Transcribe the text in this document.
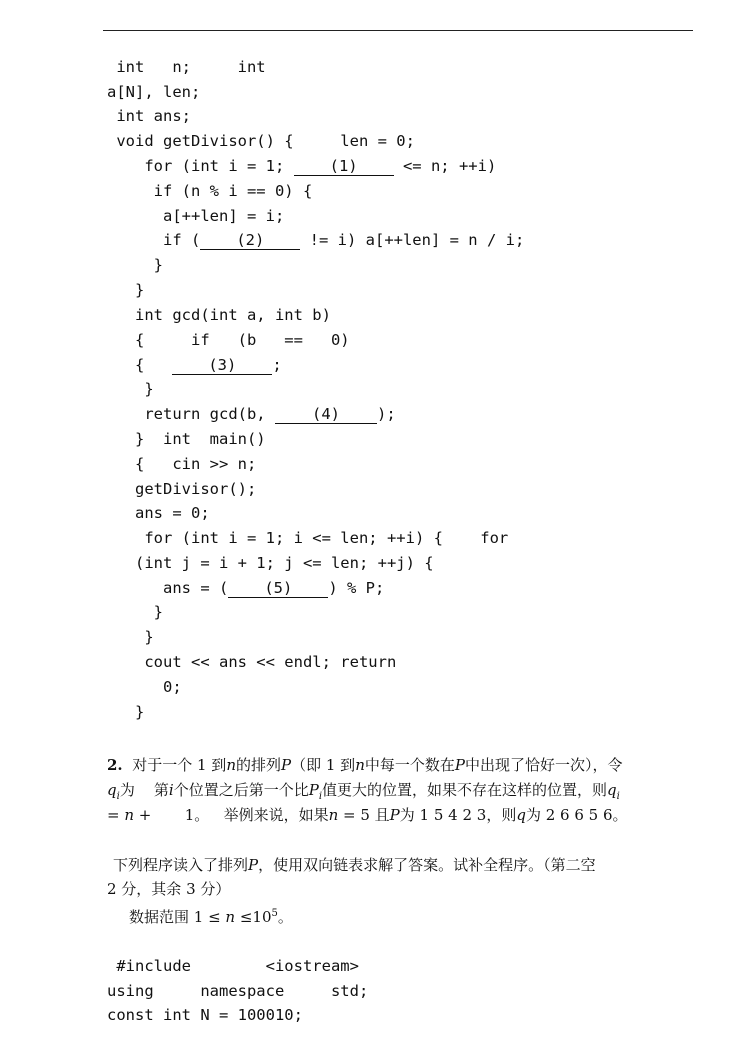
int   n;     int
a[N], len;
int ans;
void getDivisor() {     len = 0;
for (int i = 1; (1) <= n; ++i)
if (n % i == 0) {
a[++len] = i;
if ( (2) != i) a[++len] = n / i;
}
}
int gcd(int a, int b)
{     if   (b   ==   0)
{   (3) ;
}
return gcd(b, (4) );
}  int  main()
{   cin >> n;
getDivisor();
ans = 0;
for (int i = 1; i <= len; ++i) {    for
(int j = i + 1; j <= len; ++j) {
ans = ( (5) ) % P;
}
}
cout << ans << endl; return
0;
}
2. 对于一个 1 到n的排列P（即 1 到n中每一个数在P中出现了恰好一次），令
$q_i$为    第i个位置之后第一个比$P_i$值更大的位置，如果不存在这样的位置，则$q_i$
= n +       1。   举例来说，如果n = 5 且P为 1 5 4 2 3，则q为 2 6 6 5 6。
下列程序读入了排列P，使用双向链表求解了答案。试补全程序。（第二空
2 分，其余 3 分）
数据范围 $1 \le n \le 10^5$。
#include        <iostream>
using     namespace     std;
const int N = 100010;
